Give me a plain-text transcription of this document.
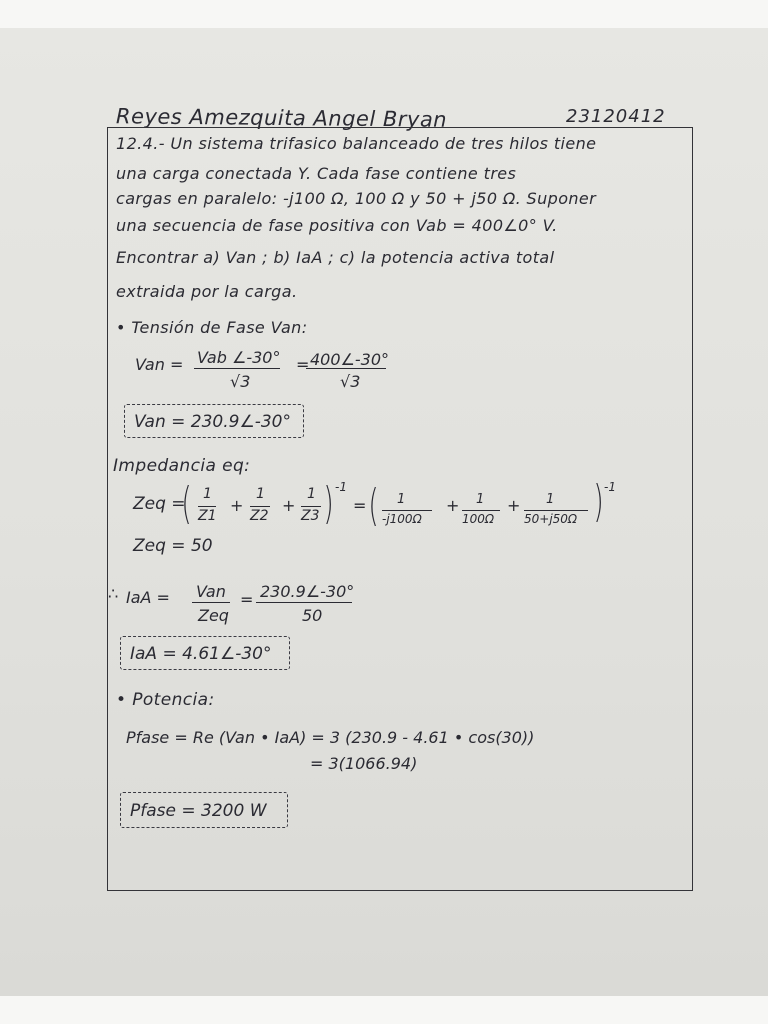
Reyes Amezquita Angel Bryan	23120412
12.4.- Un sistema trifasico balanceado de tres hilos tiene
una carga conectada Y. Cada fase contiene tres
cargas en paralelo: -j100 Ω, 100 Ω y 50 + j50 Ω. Suponer
una secuencia de fase positiva con Vab = 400∠0° V.
Encontrar a) Van ; b) IaA ; c) la potencia activa total
extraida por la carga.
• Tensión de Fase Van:
Van = Vab ∠-30°
√3
= 400∠-30°
√3
Van = 230.9∠-30°
Impedancia eq:
Zeq =
( 1
Z1
+
1
Z2
+
1
Z3 ) -1
= ( 1
-j100Ω
+ 1
100Ω
+ 1
50+j50Ω ) -1
Zeq = 50
∴ IaA = Van
Zeq
= 230.9∠-30°
50
IaA = 4.61∠-30°
• Potencia:
Pfase = Re (Van • IaA) = 3 (230.9 - 4.61 • cos(30))
= 3(1066.94)
Pfase = 3200 W
